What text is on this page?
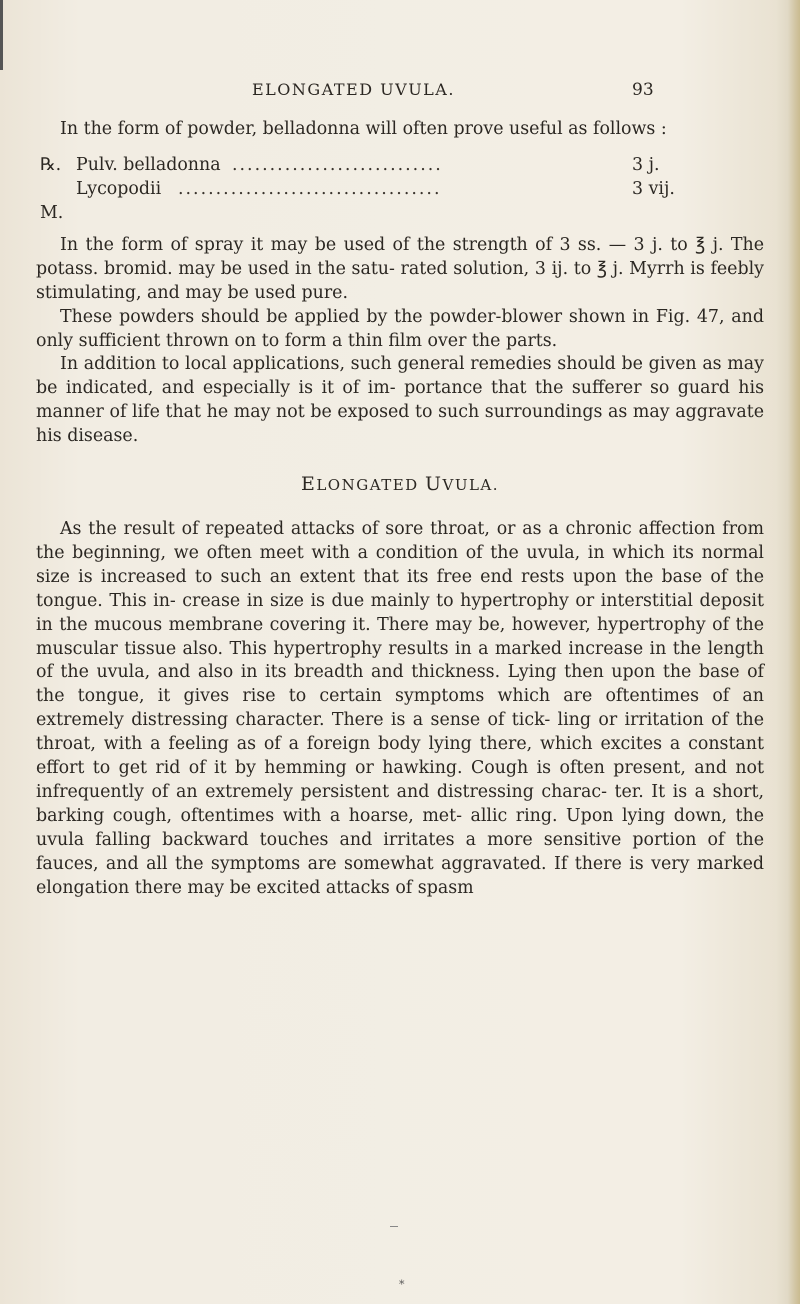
ELONGATED UVULA.	93

In the form of powder, belladonna will often prove useful as follows :

℞. Pulv. belladonna ............................	3 j.
Lycopodii ...................................	3 vij.
M.

In the form of spray it may be used of the strength of 3 ss. — 3 j. to ℥ j. The potass. bromid. may be used in the satu- rated solution, 3 ij. to ℥ j. Myrrh is feebly stimulating, and may be used pure.

These powders should be applied by the powder-blower shown in Fig. 47, and only sufficient thrown on to form a thin film over the parts.

In addition to local applications, such general remedies should be given as may be indicated, and especially is it of im- portance that the sufferer so guard his manner of life that he may not be exposed to such surroundings as may aggravate his disease.

ELONGATED UVULA.

As the result of repeated attacks of sore throat, or as a chronic affection from the beginning, we often meet with a condition of the uvula, in which its normal size is increased to such an extent that its free end rests upon the base of the tongue. This in- crease in size is due mainly to hypertrophy or interstitial deposit in the mucous membrane covering it. There may be, however, hypertrophy of the muscular tissue also. This hypertrophy results in a marked increase in the length of the uvula, and also in its breadth and thickness. Lying then upon the base of the tongue, it gives rise to certain symptoms which are oftentimes of an extremely distressing character. There is a sense of tick- ling or irritation of the throat, with a feeling as of a foreign body lying there, which excites a constant effort to get rid of it by hemming or hawking. Cough is often present, and not infrequently of an extremely persistent and distressing charac- ter. It is a short, barking cough, oftentimes with a hoarse, met- allic ring. Upon lying down, the uvula falling backward touches and irritates a more sensitive portion of the fauces, and all the symptoms are somewhat aggravated. If there is very marked elongation there may be excited attacks of spasm

*
